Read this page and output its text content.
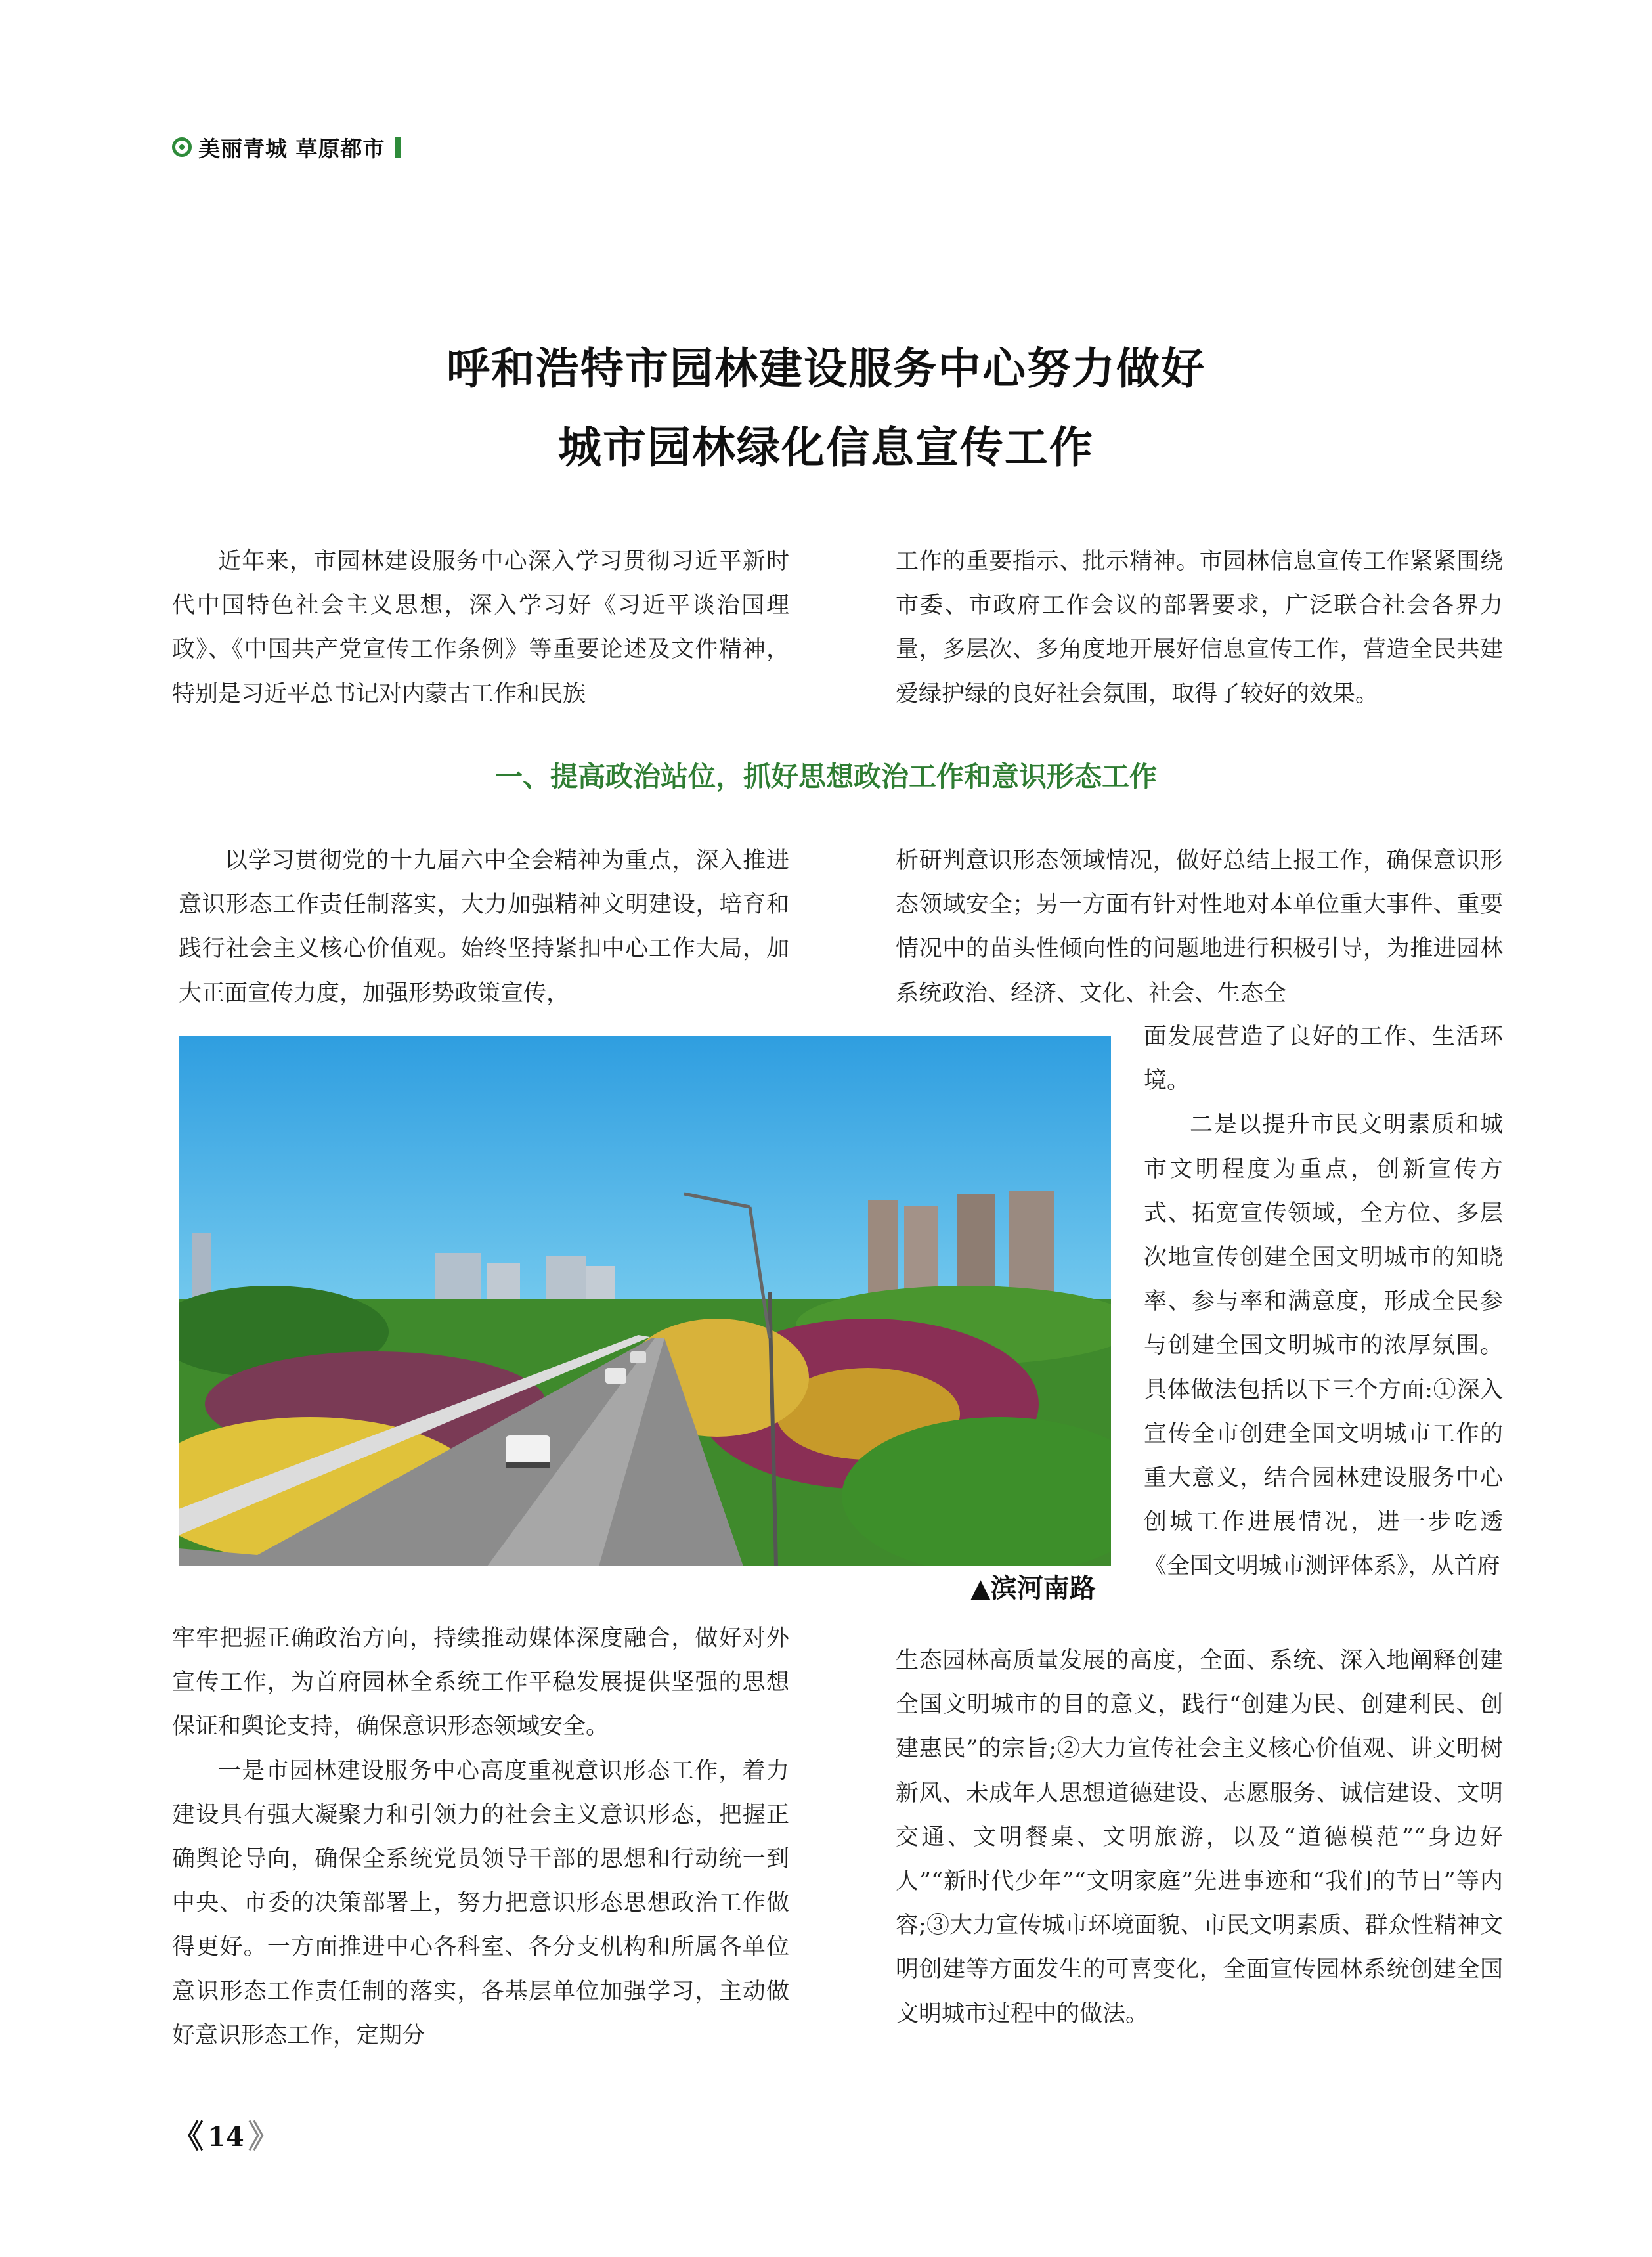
美丽青城 草原都市
呼和浩特市园林建设服务中心努力做好
城市园林绿化信息宣传工作

近年来，市园林建设服务中心深入学习贯彻习近平新时代中国特色社会主义思想，深入学习好《习近平谈治国理政》、《中国共产党宣传工作条例》等重要论述及文件精神，特别是习近平总书记对内蒙古工作和民族

工作的重要指示、批示精神。市园林信息宣传工作紧紧围绕市委、市政府工作会议的部署要求，广泛联合社会各界力量，多层次、多角度地开展好信息宣传工作，营造全民共建爱绿护绿的良好社会氛围，取得了较好的效果。

一、提高政治站位，抓好思想政治工作和意识形态工作

以学习贯彻党的十九届六中全会精神为重点，深入推进意识形态工作责任制落实，大力加强精神文明建设，培育和践行社会主义核心价值观。始终坚持紧扣中心工作大局，加大正面宣传力度，加强形势政策宣传，

析研判意识形态领域情况，做好总结上报工作，确保意识形态领域安全；另一方面有针对性地对本单位重大事件、重要情况中的苗头性倾向性的问题地进行积极引导，为推进园林系统政治、经济、文化、社会、生态全

面发展营造了良好的工作、生活环境。

二是以提升市民文明素质和城市文明程度为重点，创新宣传方式、拓宽宣传领域，全方位、多层次地宣传创建全国文明城市的知晓率、参与率和满意度，形成全民参与创建全国文明城市的浓厚氛围。具体做法包括以下三个方面:①深入宣传全市创建全国文明城市工作的重大意义，结合园林建设服务中心创城工作进展情况，进一步吃透《全国文明城市测评体系》，从首府

▲滨河南路

牢牢把握正确政治方向，持续推动媒体深度融合，做好对外宣传工作，为首府园林全系统工作平稳发展提供坚强的思想保证和舆论支持，确保意识形态领域安全。

一是市园林建设服务中心高度重视意识形态工作，着力建设具有强大凝聚力和引领力的社会主义意识形态，把握正确舆论导向，确保全系统党员领导干部的思想和行动统一到中央、市委的决策部署上，努力把意识形态思想政治工作做得更好。一方面推进中心各科室、各分支机构和所属各单位意识形态工作责任制的落实，各基层单位加强学习，主动做好意识形态工作，定期分

生态园林高质量发展的高度，全面、系统、深入地阐释创建全国文明城市的目的意义，践行“创建为民、创建利民、创建惠民”的宗旨;②大力宣传社会主义核心价值观、讲文明树新风、未成年人思想道德建设、志愿服务、诚信建设、文明交通、文明餐桌、文明旅游，以及“道德模范”“身边好人”“新时代少年”“文明家庭”先进事迹和“我们的节日”等内容;③大力宣传城市环境面貌、市民文明素质、群众性精神文明创建等方面发生的可喜变化，全面宣传园林系统创建全国文明城市过程中的做法。

《 14 》
